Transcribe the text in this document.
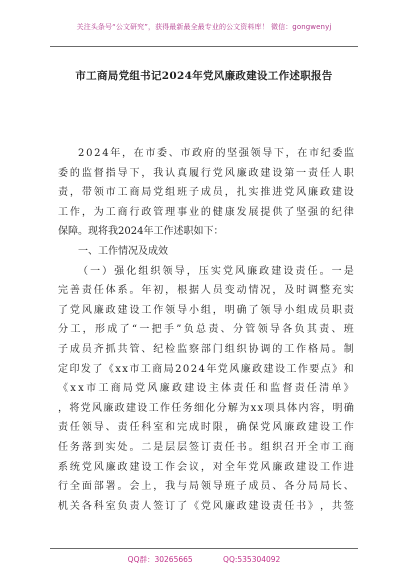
关注头条号“公文研究”，获得最新最全最专业的公文资料库！ 微信：gongwenyj
市工商局党组书记2024年党风廉政建设工作述职报告
2 0 2 4 年 ， 在 市 委 、 市 政 府 的 坚 强 领 导 下 ， 在 市 纪 委 监
委 的 监 督 指 导 下 ， 我 认 真 履 行 党 风 廉 政 建 设 第 一 责 任 人 职
责 ， 带 领 市 工 商 局 党 组 班 子 成 员 ， 扎 实 推 进 党 风 廉 政 建 设
工 作 ， 为 工 商 行 政 管 理 事 业 的 健 康 发 展 提 供 了 坚 强 的 纪 律
保障。现将我2024年工作述职如下：
一、工作情况及成效
（ 一 ） 强 化 组 织 领 导 ， 压 实 党 风 廉 政 建 设 责 任 。 一 是
完 善 责 任 体 系 。 年 初 ， 根 据 人 员 变 动 情 况 ， 及 时 调 整 充 实
了 党 风 廉 政 建 设 工 作 领 导 小 组 ， 明 确 了 领 导 小 组 成 员 职 责
分 工 ， 形 成 了 “ 一 把 手 ” 负 总 责 、 分 管 领 导 各 负 其 责 、 班
子 成 员 齐 抓 共 管 、 纪 检 监 察 部 门 组 织 协 调 的 工 作 格 局 。 制
定 印 发 了 《 x x 市 工 商 局 2 0 2 4 年 党 风 廉 政 建 设 工 作 要 点 》 和
《 x x 市 工 商 局 党 风 廉 政 建 设 主 体 责 任 和 监 督 责 任 清 单 》
， 将 党 风 廉 政 建 设 工 作 任 务 细 化 分 解 为 x x 项 具 体 内 容 ， 明 确
责 任 领 导 、 责 任 科 室 和 完 成 时 限 ， 确 保 党 风 廉 政 建 设 工 作
任 务 落 到 实 处 。 二 是 层 层 签 订 责 任 书 。 组 织 召 开 全 市 工 商
系 统 党 风 廉 政 建 设 工 作 会 议 ， 对 全 年 党 风 廉 政 建 设 工 作 进
行 全 面 部 署 。 会 上 ， 我 与 局 领 导 班 子 成 员 、 各 分 局 局 长 、
机 关 各 科 室 负 责 人 签 订 了 《 党 风 廉 政 建 设 责 任 书 》 ， 共 签
QQ群：30265665	QQ:535304092
